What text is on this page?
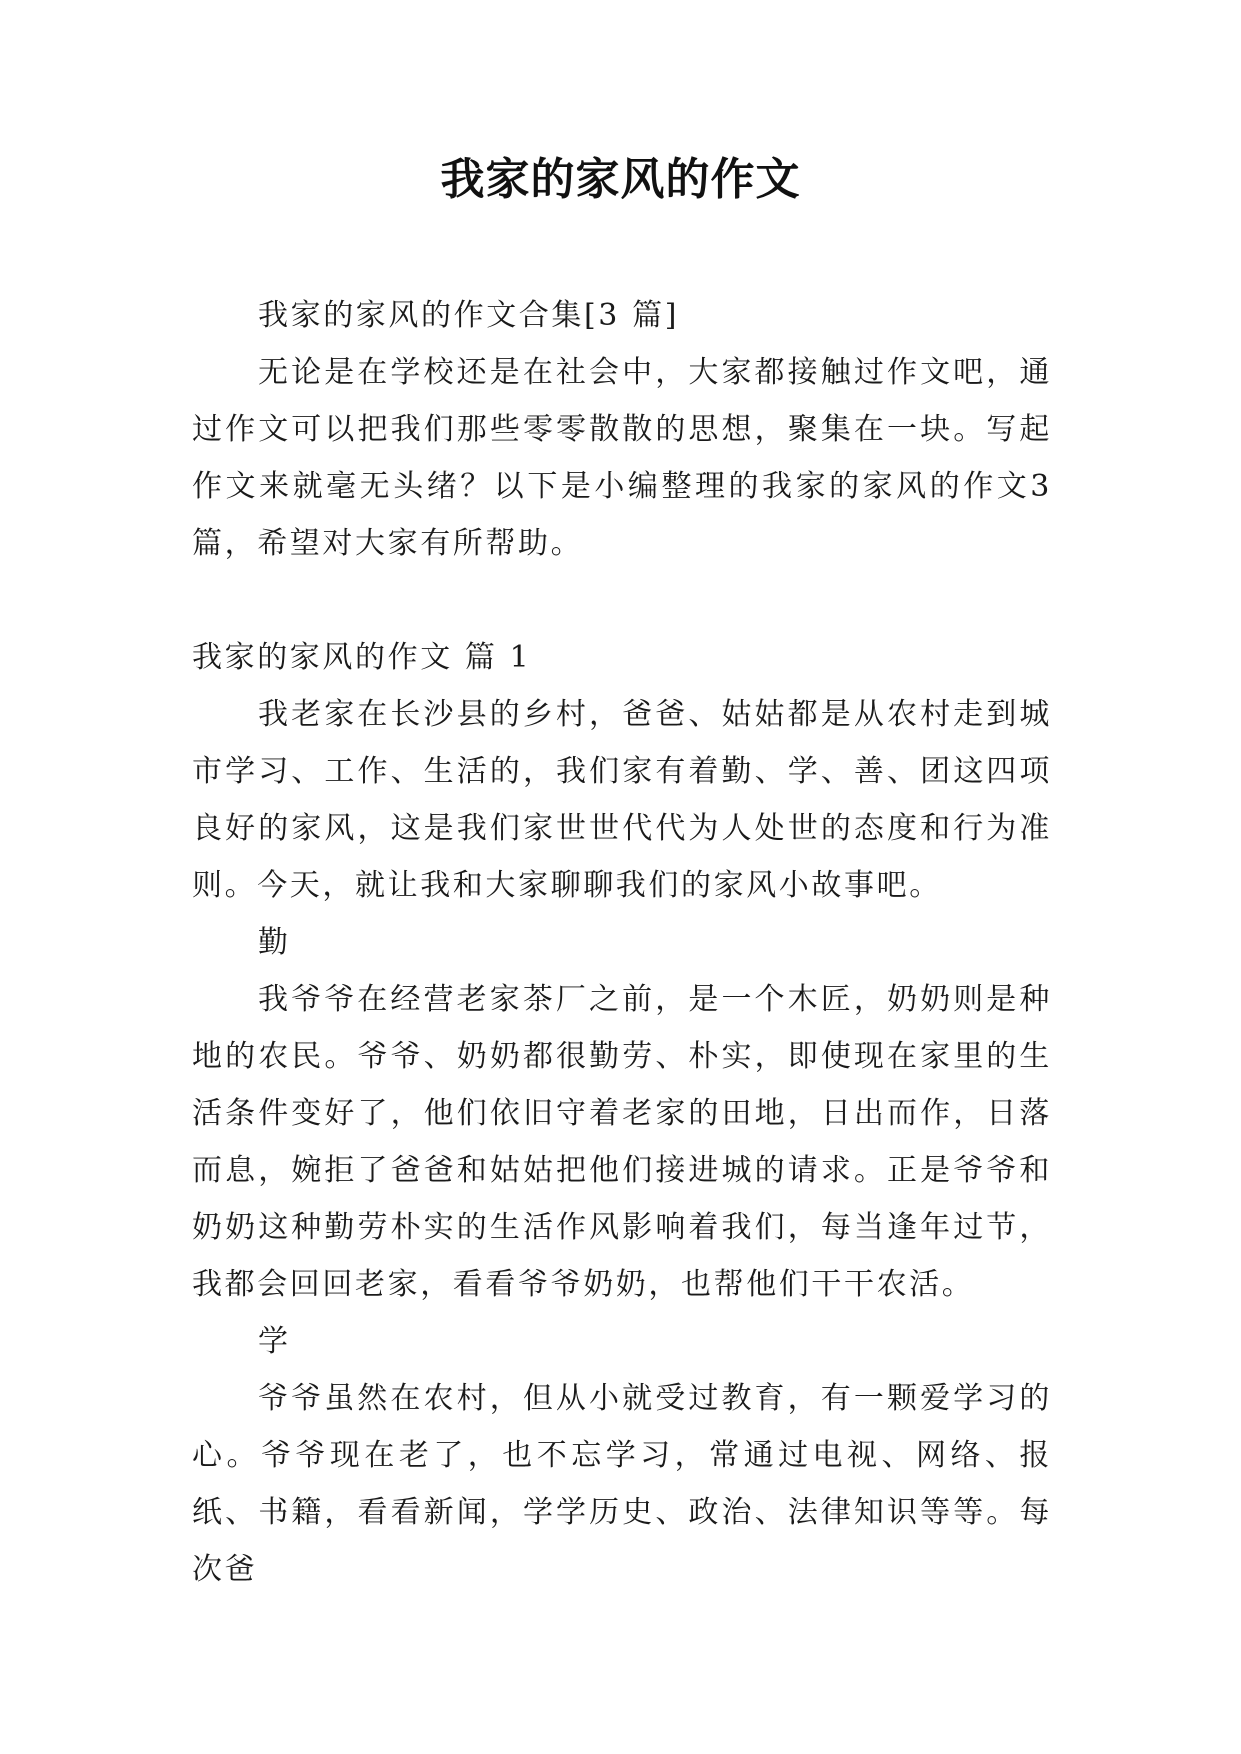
我家的家风的作文

我家的家风的作文合集[3 篇]

无论是在学校还是在社会中，大家都接触过作文吧，通过作文可以把我们那些零零散散的思想，聚集在一块。写起作文来就毫无头绪？以下是小编整理的我家的家风的作文3篇，希望对大家有所帮助。

我家的家风的作文 篇 1

我老家在长沙县的乡村，爸爸、姑姑都是从农村走到城市学习、工作、生活的，我们家有着勤、学、善、团这四项良好的家风，这是我们家世世代代为人处世的态度和行为准则。今天，就让我和大家聊聊我们的家风小故事吧。

勤

我爷爷在经营老家茶厂之前，是一个木匠，奶奶则是种地的农民。爷爷、奶奶都很勤劳、朴实，即使现在家里的生活条件变好了，他们依旧守着老家的田地，日出而作，日落而息，婉拒了爸爸和姑姑把他们接进城的请求。正是爷爷和奶奶这种勤劳朴实的生活作风影响着我们，每当逢年过节，我都会回回老家，看看爷爷奶奶，也帮他们干干农活。

学

爷爷虽然在农村，但从小就受过教育，有一颗爱学习的心。爷爷现在老了，也不忘学习，常通过电视、网络、报纸、书籍，看看新闻，学学历史、政治、法律知识等等。每次爸
